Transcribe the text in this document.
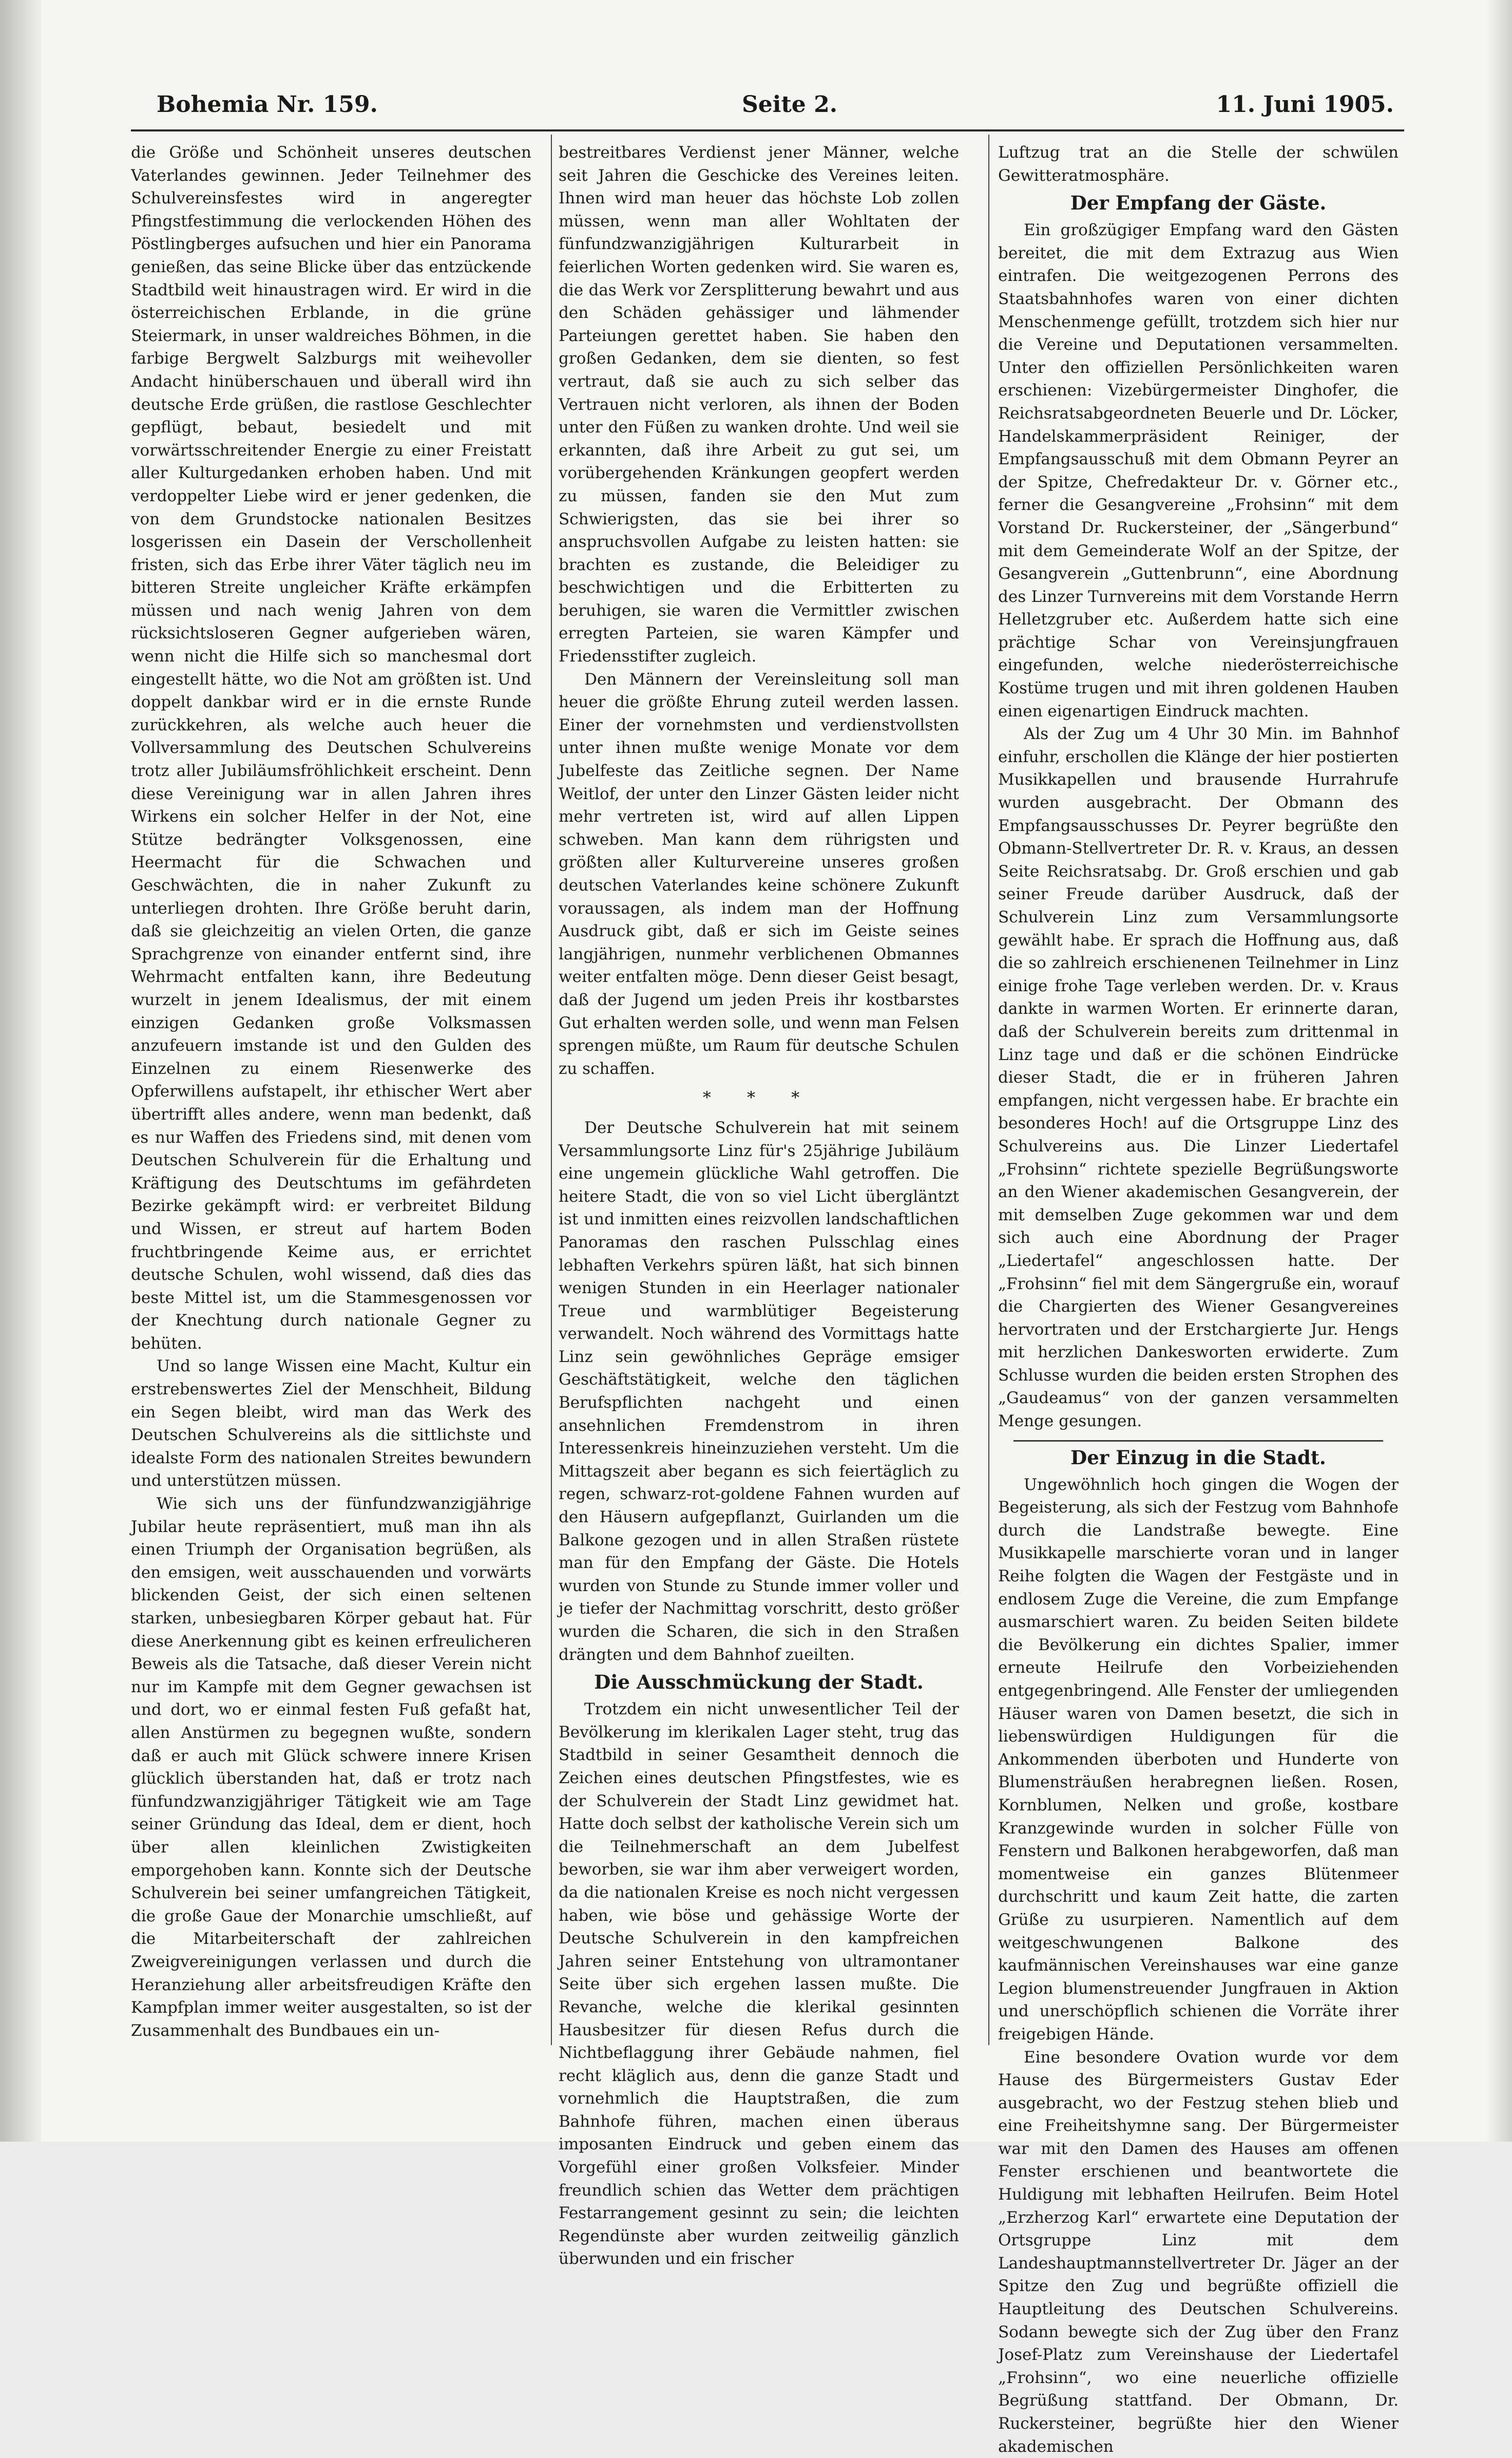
Bohemia Nr. 159.	Seite 2.	11. Juni 1905.

die Größe und Schönheit unseres deutschen Vaterlandes gewinnen. Jeder Teilnehmer des Schulvereinsfestes wird in angeregter Pfingstfestimmung die verlockenden Höhen des Pöstlingberges aufsuchen und hier ein Panorama genießen, das seine Blicke über das entzückende Stadtbild weit hinaustragen wird. Er wird in die österreichischen Erblande, in die grüne Steiermark, in unser waldreiches Böhmen, in die farbige Bergwelt Salzburgs mit weihevoller Andacht hinüberschauen und überall wird ihn deutsche Erde grüßen, die rastlose Geschlechter gepflügt, bebaut, besiedelt und mit vorwärtsschreitender Energie zu einer Freistatt aller Kulturgedanken erhoben haben. Und mit verdoppelter Liebe wird er jener gedenken, die von dem Grundstocke nationalen Besitzes losgerissen ein Dasein der Verschollenheit fristen, sich das Erbe ihrer Väter täglich neu im bitteren Streite ungleicher Kräfte erkämpfen müssen und nach wenig Jahren von dem rücksichtsloseren Gegner aufgerieben wären, wenn nicht die Hilfe sich so manchesmal dort eingestellt hätte, wo die Not am größten ist. Und doppelt dankbar wird er in die ernste Runde zurückkehren, als welche auch heuer die Vollversammlung des Deutschen Schulvereins trotz aller Jubiläumsfröhlichkeit erscheint. Denn diese Vereinigung war in allen Jahren ihres Wirkens ein solcher Helfer in der Not, eine Stütze bedrängter Volksgenossen, eine Heermacht für die Schwachen und Geschwächten, die in naher Zukunft zu unterliegen drohten. Ihre Größe beruht darin, daß sie gleichzeitig an vielen Orten, die ganze Sprachgrenze von einander entfernt sind, ihre Wehrmacht entfalten kann, ihre Bedeutung wurzelt in jenem Idealismus, der mit einem einzigen Gedanken große Volksmassen anzufeuern imstande ist und den Gulden des Einzelnen zu einem Riesenwerke des Opferwillens aufstapelt, ihr ethischer Wert aber übertrifft alles andere, wenn man bedenkt, daß es nur Waffen des Friedens sind, mit denen vom Deutschen Schulverein für die Erhaltung und Kräftigung des Deutschtums im gefährdeten Bezirke gekämpft wird: er verbreitet Bildung und Wissen, er streut auf hartem Boden fruchtbringende Keime aus, er errichtet deutsche Schulen, wohl wissend, daß dies das beste Mittel ist, um die Stammesgenossen vor der Knechtung durch nationale Gegner zu behüten.

Und so lange Wissen eine Macht, Kultur ein erstrebenswertes Ziel der Menschheit, Bildung ein Segen bleibt, wird man das Werk des Deutschen Schulvereins als die sittlichste und idealste Form des nationalen Streites bewundern und unterstützen müssen.

Wie sich uns der fünfundzwanzigjährige Jubilar heute repräsentiert, muß man ihn als einen Triumph der Organisation begrüßen, als den emsigen, weit ausschauenden und vorwärts blickenden Geist, der sich einen seltenen starken, unbesiegbaren Körper gebaut hat. Für diese Anerkennung gibt es keinen erfreulicheren Beweis als die Tatsache, daß dieser Verein nicht nur im Kampfe mit dem Gegner gewachsen ist und dort, wo er einmal festen Fuß gefaßt hat, allen Anstürmen zu begegnen wußte, sondern daß er auch mit Glück schwere innere Krisen glücklich überstanden hat, daß er trotz nach fünfundzwanzigjähriger Tätigkeit wie am Tage seiner Gründung das Ideal, dem er dient, hoch über allen kleinlichen Zwistigkeiten emporgehoben kann. Konnte sich der Deutsche Schulverein bei seiner umfangreichen Tätigkeit, die große Gaue der Monarchie umschließt, auf die Mitarbeiterschaft der zahlreichen Zweigvereinigungen verlassen und durch die Heranziehung aller arbeitsfreudigen Kräfte den Kampfplan immer weiter ausgestalten, so ist der Zusammenhalt des Bundbaues ein un-

bestreitbares Verdienst jener Männer, welche seit Jahren die Geschicke des Vereines leiten. Ihnen wird man heuer das höchste Lob zollen müssen, wenn man aller Wohltaten der fünfundzwanzigjährigen Kulturarbeit in feierlichen Worten gedenken wird. Sie waren es, die das Werk vor Zersplitterung bewahrt und aus den Schäden gehässiger und lähmender Parteiungen gerettet haben. Sie haben den großen Gedanken, dem sie dienten, so fest vertraut, daß sie auch zu sich selber das Vertrauen nicht verloren, als ihnen der Boden unter den Füßen zu wanken drohte. Und weil sie erkannten, daß ihre Arbeit zu gut sei, um vorübergehenden Kränkungen geopfert werden zu müssen, fanden sie den Mut zum Schwierigsten, das sie bei ihrer so anspruchsvollen Aufgabe zu leisten hatten: sie brachten es zustande, die Beleidiger zu beschwichtigen und die Erbitterten zu beruhigen, sie waren die Vermittler zwischen erregten Parteien, sie waren Kämpfer und Friedensstifter zugleich.

Den Männern der Vereinsleitung soll man heuer die größte Ehrung zuteil werden lassen. Einer der vornehmsten und verdienstvollsten unter ihnen mußte wenige Monate vor dem Jubelfeste das Zeitliche segnen. Der Name Weitlof, der unter den Linzer Gästen leider nicht mehr vertreten ist, wird auf allen Lippen schweben. Man kann dem rührigsten und größten aller Kulturvereine unseres großen deutschen Vaterlandes keine schönere Zukunft voraussagen, als indem man der Hoffnung Ausdruck gibt, daß er sich im Geiste seines langjährigen, nunmehr verblichenen Obmannes weiter entfalten möge. Denn dieser Geist besagt, daß der Jugend um jeden Preis ihr kostbarstes Gut erhalten werden solle, und wenn man Felsen sprengen müßte, um Raum für deutsche Schulen zu schaffen.

* * *

Der Deutsche Schulverein hat mit seinem Versammlungsorte Linz für's 25jährige Jubiläum eine ungemein glückliche Wahl getroffen. Die heitere Stadt, die von so viel Licht übergläntzt ist und inmitten eines reizvollen landschaftlichen Panoramas den raschen Pulsschlag eines lebhaften Verkehrs spüren läßt, hat sich binnen wenigen Stunden in ein Heerlager nationaler Treue und warmblütiger Begeisterung verwandelt. Noch während des Vormittags hatte Linz sein gewöhnliches Gepräge emsiger Geschäftstätigkeit, welche den täglichen Berufspflichten nachgeht und einen ansehnlichen Fremdenstrom in ihren Interessenkreis hineinzuziehen versteht. Um die Mittagszeit aber begann es sich feiertäglich zu regen, schwarz-rot-goldene Fahnen wurden auf den Häusern aufgepflanzt, Guirlanden um die Balkone gezogen und in allen Straßen rüstete man für den Empfang der Gäste. Die Hotels wurden von Stunde zu Stunde immer voller und je tiefer der Nachmittag vorschritt, desto größer wurden die Scharen, die sich in den Straßen drängten und dem Bahnhof zueilten.

Die Ausschmückung der Stadt.

Trotzdem ein nicht unwesentlicher Teil der Bevölkerung im klerikalen Lager steht, trug das Stadtbild in seiner Gesamtheit dennoch die Zeichen eines deutschen Pfingstfestes, wie es der Schulverein der Stadt Linz gewidmet hat. Hatte doch selbst der katholische Verein sich um die Teilnehmerschaft an dem Jubelfest beworben, sie war ihm aber verweigert worden, da die nationalen Kreise es noch nicht vergessen haben, wie böse und gehässige Worte der Deutsche Schulverein in den kampfreichen Jahren seiner Entstehung von ultramontaner Seite über sich ergehen lassen mußte. Die Revanche, welche die klerikal gesinnten Hausbesitzer für diesen Refus durch die Nichtbeflaggung ihrer Gebäude nahmen, fiel recht kläglich aus, denn die ganze Stadt und vornehmlich die Hauptstraßen, die zum Bahnhofe führen, machen einen überaus imposanten Eindruck und geben einem das Vorgefühl einer großen Volksfeier. Minder freundlich schien das Wetter dem prächtigen Festarrangement gesinnt zu sein; die leichten Regendünste aber wurden zeitweilig gänzlich überwunden und ein frischer

Luftzug trat an die Stelle der schwülen Gewitteratmosphäre.

Der Empfang der Gäste.

Ein großzügiger Empfang ward den Gästen bereitet, die mit dem Extrazug aus Wien eintrafen. Die weitgezogenen Perrons des Staatsbahnhofes waren von einer dichten Menschenmenge gefüllt, trotzdem sich hier nur die Vereine und Deputationen versammelten. Unter den offiziellen Persönlichkeiten waren erschienen: Vizebürgermeister Dinghofer, die Reichsratsabgeordneten Beuerle und Dr. Löcker, Handelskammerpräsident Reiniger, der Empfangsausschuß mit dem Obmann Peyrer an der Spitze, Chefredakteur Dr. v. Görner etc., ferner die Gesangvereine „Frohsinn“ mit dem Vorstand Dr. Ruckersteiner, der „Sängerbund“ mit dem Gemeinderate Wolf an der Spitze, der Gesangverein „Guttenbrunn“, eine Abordnung des Linzer Turnvereins mit dem Vorstande Herrn Helletzgruber etc. Außerdem hatte sich eine prächtige Schar von Vereinsjungfrauen eingefunden, welche niederösterreichische Kostüme trugen und mit ihren goldenen Hauben einen eigenartigen Eindruck machten.

Als der Zug um 4 Uhr 30 Min. im Bahnhof einfuhr, erschollen die Klänge der hier postierten Musikkapellen und brausende Hurrahrufe wurden ausgebracht. Der Obmann des Empfangsausschusses Dr. Peyrer begrüßte den Obmann-Stellvertreter Dr. R. v. Kraus, an dessen Seite Reichsratsabg. Dr. Groß erschien und gab seiner Freude darüber Ausdruck, daß der Schulverein Linz zum Versammlungsorte gewählt habe. Er sprach die Hoffnung aus, daß die so zahlreich erschienenen Teilnehmer in Linz einige frohe Tage verleben werden. Dr. v. Kraus dankte in warmen Worten. Er erinnerte daran, daß der Schulverein bereits zum drittenmal in Linz tage und daß er die schönen Eindrücke dieser Stadt, die er in früheren Jahren empfangen, nicht vergessen habe. Er brachte ein besonderes Hoch! auf die Ortsgruppe Linz des Schulvereins aus. Die Linzer Liedertafel „Frohsinn“ richtete spezielle Begrüßungsworte an den Wiener akademischen Gesangverein, der mit demselben Zuge gekommen war und dem sich auch eine Abordnung der Prager „Liedertafel“ angeschlossen hatte. Der „Frohsinn“ fiel mit dem Sängergruße ein, worauf die Chargierten des Wiener Gesangvereines hervortraten und der Erstchargierte Jur. Hengs mit herzlichen Dankesworten erwiderte. Zum Schlusse wurden die beiden ersten Strophen des „Gaudeamus“ von der ganzen versammelten Menge gesungen.

Der Einzug in die Stadt.

Ungewöhnlich hoch gingen die Wogen der Begeisterung, als sich der Festzug vom Bahnhofe durch die Landstraße bewegte. Eine Musikkapelle marschierte voran und in langer Reihe folgten die Wagen der Festgäste und in endlosem Zuge die Vereine, die zum Empfange ausmarschiert waren. Zu beiden Seiten bildete die Bevölkerung ein dichtes Spalier, immer erneute Heilrufe den Vorbeiziehenden entgegenbringend. Alle Fenster der umliegenden Häuser waren von Damen besetzt, die sich in liebenswürdigen Huldigungen für die Ankommenden überboten und Hunderte von Blumensträußen herabregnen ließen. Rosen, Kornblumen, Nelken und große, kostbare Kranzgewinde wurden in solcher Fülle von Fenstern und Balkonen herabgeworfen, daß man momentweise ein ganzes Blütenmeer durchschritt und kaum Zeit hatte, die zarten Grüße zu usurpieren. Namentlich auf dem weitgeschwungenen Balkone des kaufmännischen Vereinshauses war eine ganze Legion blumenstreuender Jungfrauen in Aktion und unerschöpflich schienen die Vorräte ihrer freigebigen Hände.

Eine besondere Ovation wurde vor dem Hause des Bürgermeisters Gustav Eder ausgebracht, wo der Festzug stehen blieb und eine Freiheitshymne sang. Der Bürgermeister war mit den Damen des Hauses am offenen Fenster erschienen und beantwortete die Huldigung mit lebhaften Heilrufen. Beim Hotel „Erzherzog Karl“ erwartete eine Deputation der Ortsgruppe Linz mit dem Landeshauptmannstellvertreter Dr. Jäger an der Spitze den Zug und begrüßte offiziell die Hauptleitung des Deutschen Schulvereins. Sodann bewegte sich der Zug über den Franz Josef-Platz zum Vereinshause der Liedertafel „Frohsinn“, wo eine neuerliche offizielle Begrüßung stattfand. Der Obmann, Dr. Ruckersteiner, begrüßte hier den Wiener akademischen
